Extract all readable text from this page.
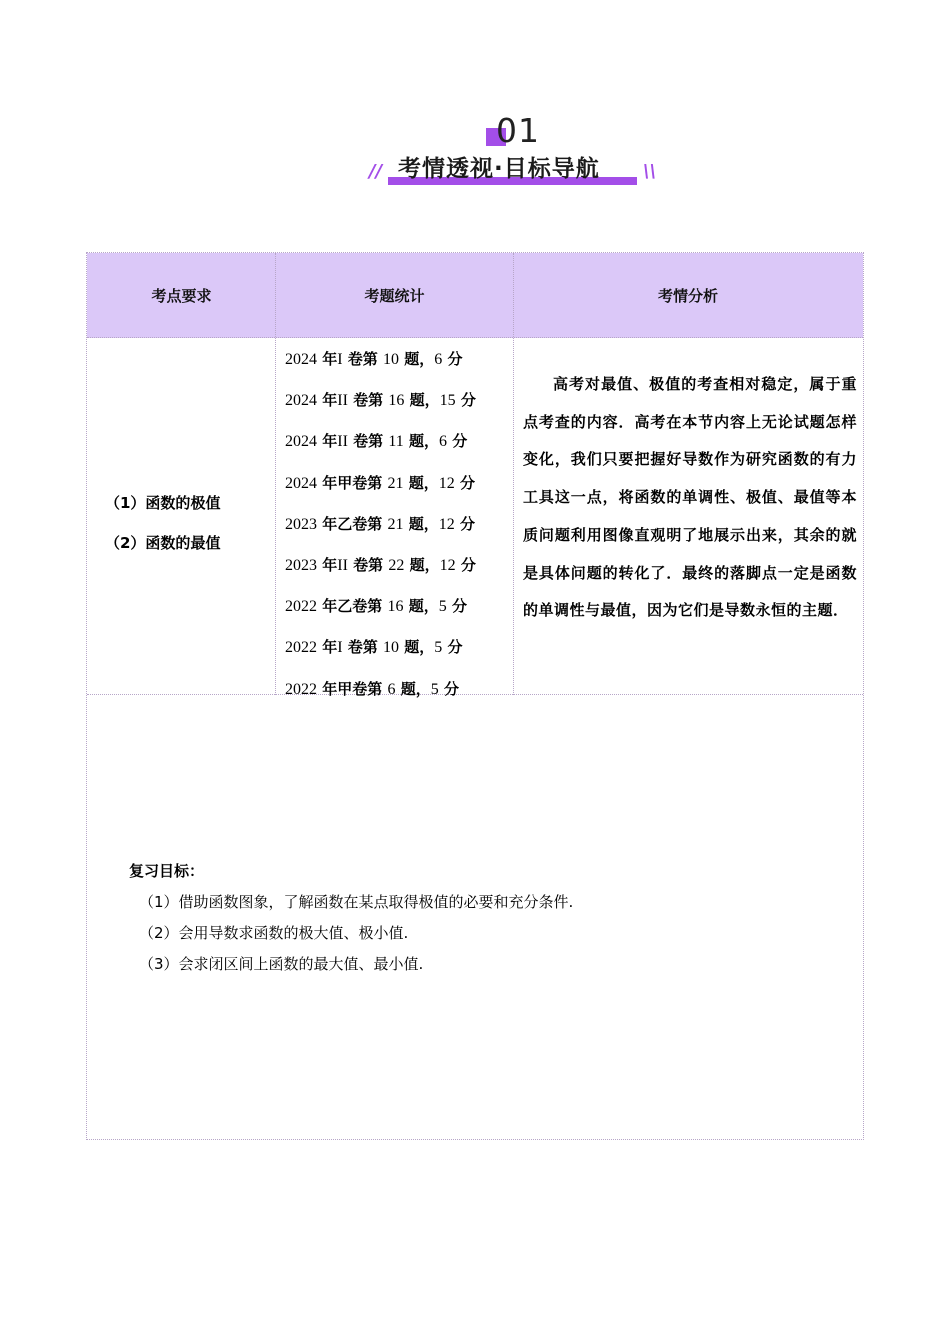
01
// 考情透视·目标导航 \\
考点要求	考题统计	考情分析
（1）函数的极值
（2）函数的最值
2024 年I 卷第 10 题，6 分
2024 年II 卷第 16 题，15 分
2024 年II 卷第 11 题，6 分
2024 年甲卷第 21 题，12 分
2023 年乙卷第 21 题，12 分
2023 年II 卷第 22 题，12 分
2022 年乙卷第 16 题，5 分
2022 年I 卷第 10 题，5 分
2022 年甲卷第 6 题，5 分
高考对最值、极值的考查相对稳定，属于重点考查的内容．高考在本节内容上无论试题怎样变化，我们只要把握好导数作为研究函数的有力工具这一点，将函数的单调性、极值、最值等本质问题利用图像直观明了地展示出来，其余的就是具体问题的转化了．最终的落脚点一定是函数的单调性与最值，因为它们是导数永恒的主题．
复习目标：
（1）借助函数图象，了解函数在某点取得极值的必要和充分条件.
（2）会用导数求函数的极大值、极小值.
（3）会求闭区间上函数的最大值、最小值.
